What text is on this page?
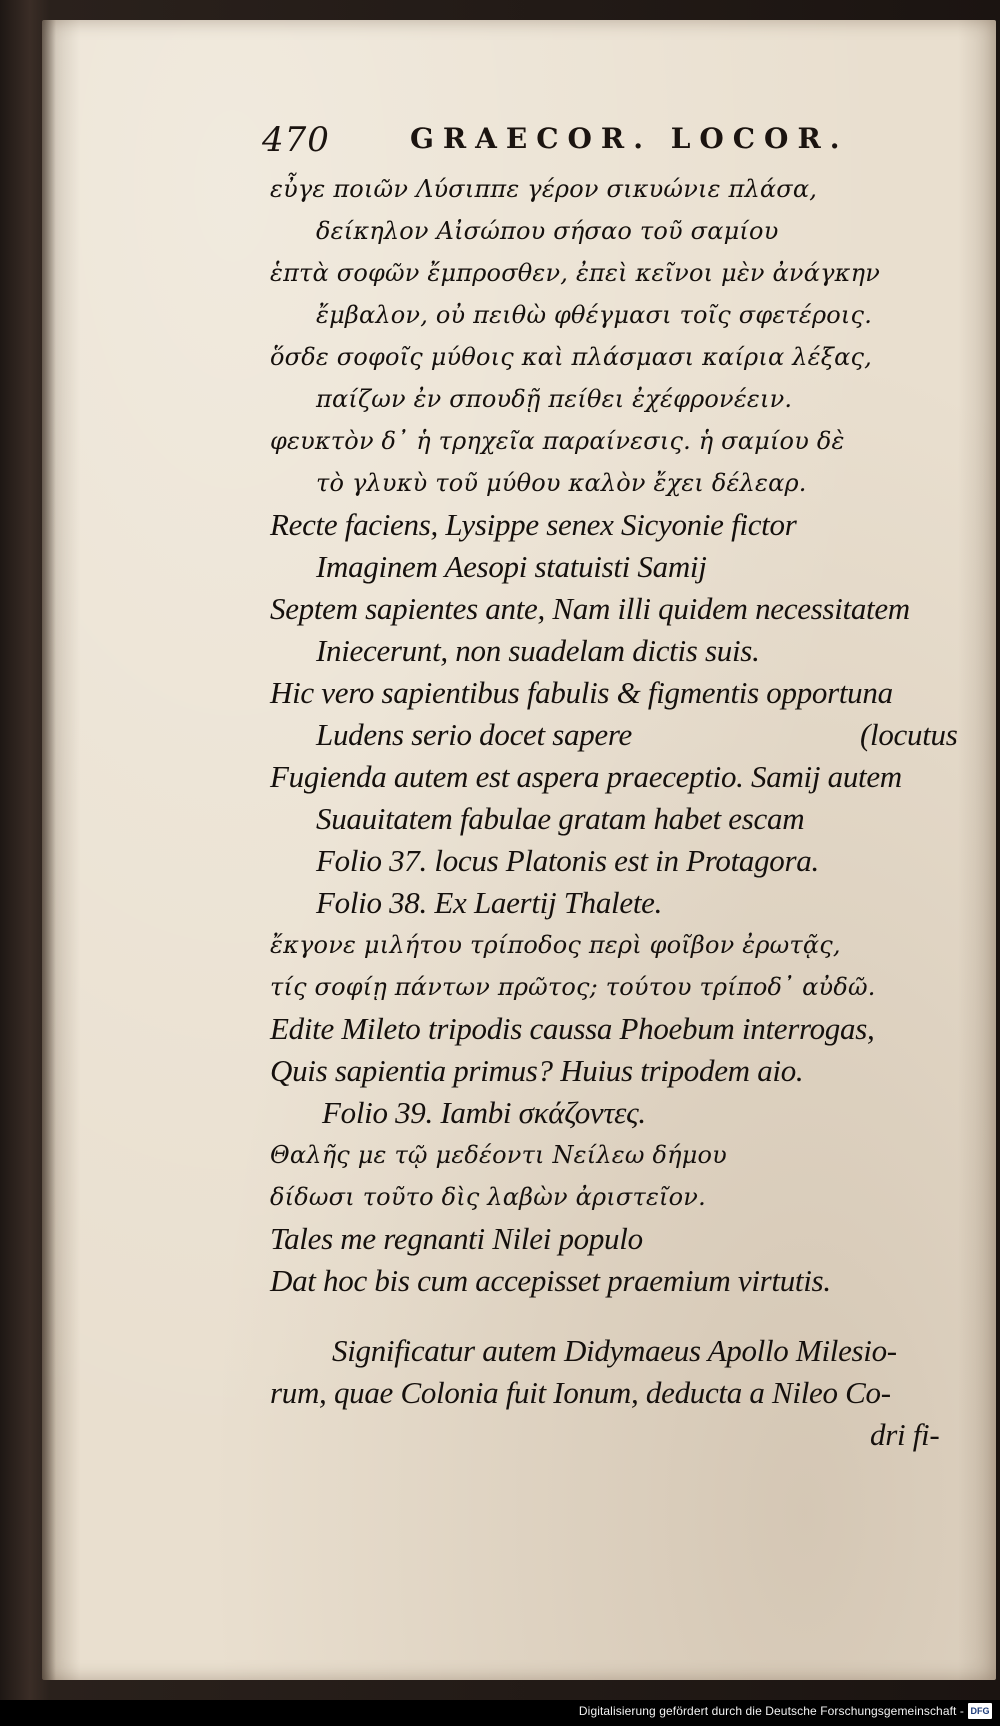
470	GRAECOR. LOCOR.
εὖγε ποιῶν Λύσιππε γέρον σικυώνιε πλάσα,
δείκηλον Αἰσώπου σήσαο τοῦ σαμίου
ἑπτὰ σοφῶν ἔμπροσθεν, ἐπεὶ κεῖνοι μὲν ἀνάγκην
ἔμβαλον, οὐ πειθὼ φθέγμασι τοῖς σφετέροις.
ὅσδε σοφοῖς μύθοις καὶ πλάσμασι καίρια λέξας,
παίζων ἐν σπουδῇ πείθει ἐχέφρονέειν.
φευκτὸν δ᾽ ἡ τρηχεῖα παραίνεσις. ἡ σαμίου δὲ
τὸ γλυκὺ τοῦ μύθου καλὸν ἔχει δέλεαρ.
Recte faciens, Lysippe senex Sicyonie fictor
Imaginem Aesopi statuisti Samij
Septem sapientes ante, Nam illi quidem necessitatem
Iniecerunt, non suadelam dictis suis.
Hic vero sapientibus fabulis & figmentis opportuna
Ludens serio docet sapere	(locutus
Fugienda autem est aspera praeceptio. Samij autem
Suauitatem fabulae gratam habet escam
Folio 37. locus Platonis est in Protagora.
Folio 38. Ex Laertij Thalete.
ἔκγονε μιλήτου τρίποδος περὶ φοῖβον ἐρωτᾷς,
τίς σοφίῃ πάντων πρῶτος; τούτου τρίποδ᾽ αὐδῶ.
Edite Mileto tripodis caussa Phoebum interrogas,
Quis sapientia primus? Huius tripodem aio.
Folio 39. Iambi σκάζοντες.
Θαλῆς με τῷ μεδέοντι Νείλεω δήμου
δίδωσι τοῦτο δὶς λαβὼν ἀριστεῖον.
Tales me regnanti Nilei populo
Dat hoc bis cum accepisset praemium virtutis.
Significatur autem Didymaeus Apollo Milesio-
rum, quae Colonia fuit Ionum, deducta a Nileo Co-
dri fi-
Digitalisierung gefördert durch die Deutsche Forschungsgemeinschaft - DFG
